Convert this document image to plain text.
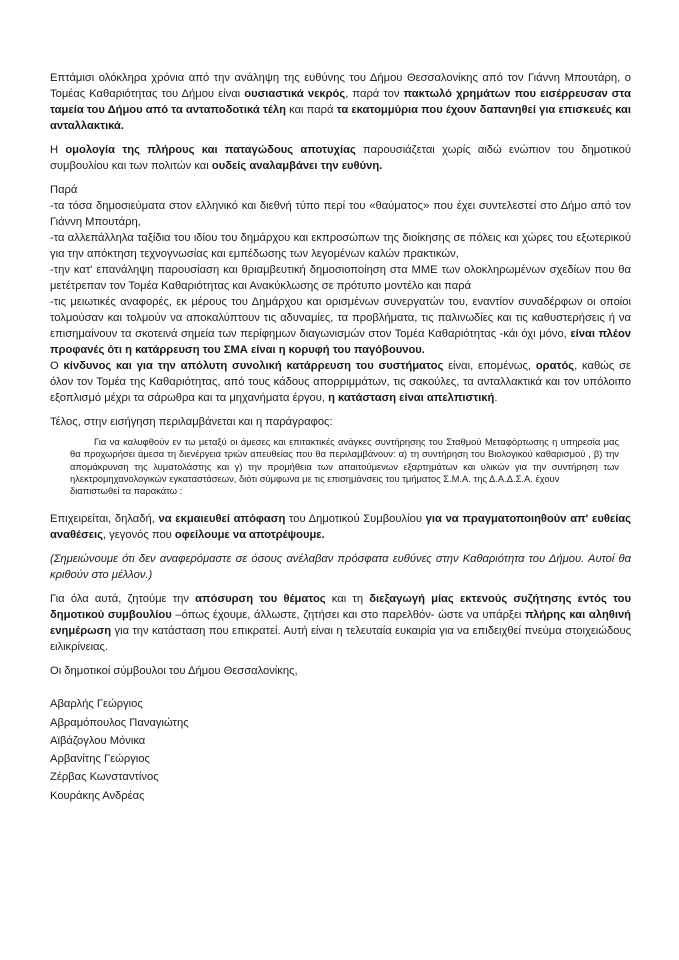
Επτάμισι ολόκληρα χρόνια από την ανάληψη της ευθύνης του Δήμου Θεσσαλονίκης από τον Γιάννη Μπουτάρη, ο Τομέας Καθαριότητας του Δήμου είναι ουσιαστικά νεκρός, παρά τον πακτωλό χρημάτων που εισέρρευσαν στα ταμεία του Δήμου από τα ανταποδοτικά τέλη και παρά τα εκατομμύρια που έχουν δαπανηθεί για επισκευές και ανταλλακτικά.

Η ομολογία της πλήρους και παταγώδους αποτυχίας παρουσιάζεται χωρίς αιδώ ενώπιον του δημοτικού συμβουλίου και των πολιτών και ουδείς αναλαμβάνει την ευθύνη.

Παρά

-τα τόσα δημοσιεύματα στον ελληνικό και διεθνή τύπο περί του «θαύματος» που έχει συντελεστεί στο Δήμο από τον Γιάννη Μπουτάρη,

-τα αλλεπάλληλα ταξίδια του ιδίου του δημάρχου και εκπροσώπων της διοίκησης σε πόλεις και χώρες του εξωτερικού για την απόκτηση τεχνογνωσίας και εμπέδωσης των λεγομένων καλών πρακτικών,

-την κατ' επανάληψη παρουσίαση και θριαμβευτική δημοσιοποίηση στα ΜΜΕ των ολοκληρωμένων σχεδίων που θα μετέτρεπαν τον Τομέα Καθαριότητας και Ανακύκλωσης σε πρότυπο μοντέλο και παρά

-τις μειωτικές αναφορές, εκ μέρους του Δημάρχου και ορισμένων συνεργατών του, εναντίον συναδέρφων οι οποίοι τολμούσαν και τολμούν να αποκαλύπτουν τις αδυναμίες, τα προβλήματα, τις παλινωδίες και τις καθυστερήσεις ή να επισημαίνουν τα σκοτεινά σημεία των περίφημων διαγωνισμών στον Τομέα Καθαριότητας -κάι όχι μόνο, είναι πλέον προφανές ότι η κατάρρευση του ΣΜΑ είναι η κορυφή του παγόβουνου.

Ο κίνδυνος και για την απόλυτη συνολική κατάρρευση του συστήματος είναι, επομένως, ορατός, καθώς σε όλον τον Τομέα της Καθαριότητας, από τους κάδους απορριμμάτων, τις σακούλες, τα ανταλλακτικά και τον υπόλοιπο εξοπλισμό μέχρι τα σάρωθρα και τα μηχανήματα έργου, η κατάσταση είναι απελπιστική.

Τέλος, στην εισήγηση περιλαμβάνεται και η παράγραφος:

Για να καλυφθούν εν τω μεταξύ οι άμεσες και επιτακτικές ανάγκες συντήρησης του Σταθμού Μεταφόρτωσης η υπηρεσία μας θα προχωρήσει άμεσα τη διενέργεια τριών απευθείας που θα περιλαμβάνουν: α) τη συντήρηση του Βιολογικού καθαρισμού , β) την απομάκρυνση της λυματολάστης και γ) την προμήθεια των απαιτούμενων εξαρτημάτων και υλικών για την συντήρηση των ηλεκτρομηχανολογικών εγκαταστάσεων, διότι σύμφωνα με τις επισημάνσεις του τμήματος Σ.Μ.Α. της Δ.Α.Δ.Σ.Α. έχουν

διαπιστωθεί τα παρακάτω :

Επιχειρείται, δηλαδή, να εκμαιευθεί απόφαση του Δημοτικού Συμβουλίου για να πραγματοποιηθούν απ' ευθείας αναθέσεις, γεγονός που οφείλουμε να αποτρέψουμε.

(Σημειώνουμε ότι δεν αναφερόμαστε σε όσους ανέλαβαν πρόσφατα ευθύνες στην Καθαριότητα του Δήμου. Αυτοί θα κριθούν στο μέλλον.)

Για όλα αυτά, ζητούμε την απόσυρση του θέματος και τη διεξαγωγή μίας εκτενούς συζήτησης εντός του δημοτικού συμβουλίου –όπως έχουμε, άλλωστε, ζητήσει και στο παρελθόν- ώστε να υπάρξει πλήρης και αληθινή ενημέρωση για την κατάσταση που επικρατεί. Αυτή είναι η τελευταία ευκαιρία για να επιδειχθεί πνεύμα στοιχειώδους ειλικρίνειας.

Οι δημοτικοί σύμβουλοι του Δήμου Θεσσαλονίκης,

Αβαρλής Γεώργιος

Αβραμόπουλος Παναγιώτης

Αϊβάζογλου Μόνικα

Αρβανίτης Γεώργιος

Ζέρβας Κωνσταντίνος

Κουράκης Ανδρέας
